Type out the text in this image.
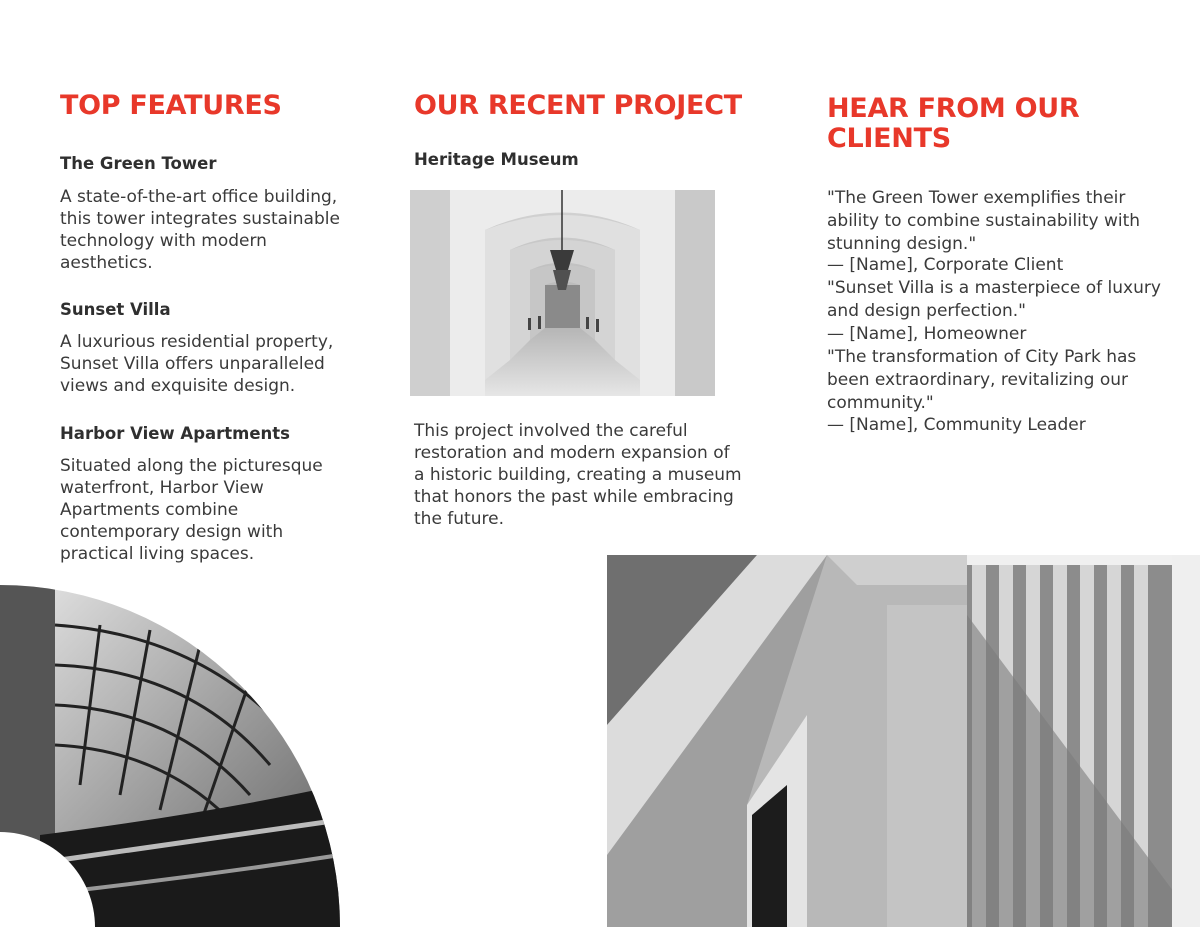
TOP FEATURES
The Green Tower

A state-of-the-art office building, this tower integrates sustainable technology with modern aesthetics.

Sunset Villa

A luxurious residential property, Sunset Villa offers unparalleled views and exquisite design.

Harbor View Apartments

Situated along the picturesque waterfront, Harbor View Apartments combine contemporary design with practical living spaces.

OUR RECENT PROJECT
Heritage Museum

This project involved the careful restoration and modern expansion of a historic building, creating a museum that honors the past while embracing the future.

HEAR FROM OUR CLIENTS

"The Green Tower exemplifies their ability to combine sustainability with stunning design."

— [Name], Corporate Client

"Sunset Villa is a masterpiece of luxury and design perfection."

— [Name], Homeowner

"The transformation of City Park has been extraordinary, revitalizing our community."

— [Name], Community Leader
